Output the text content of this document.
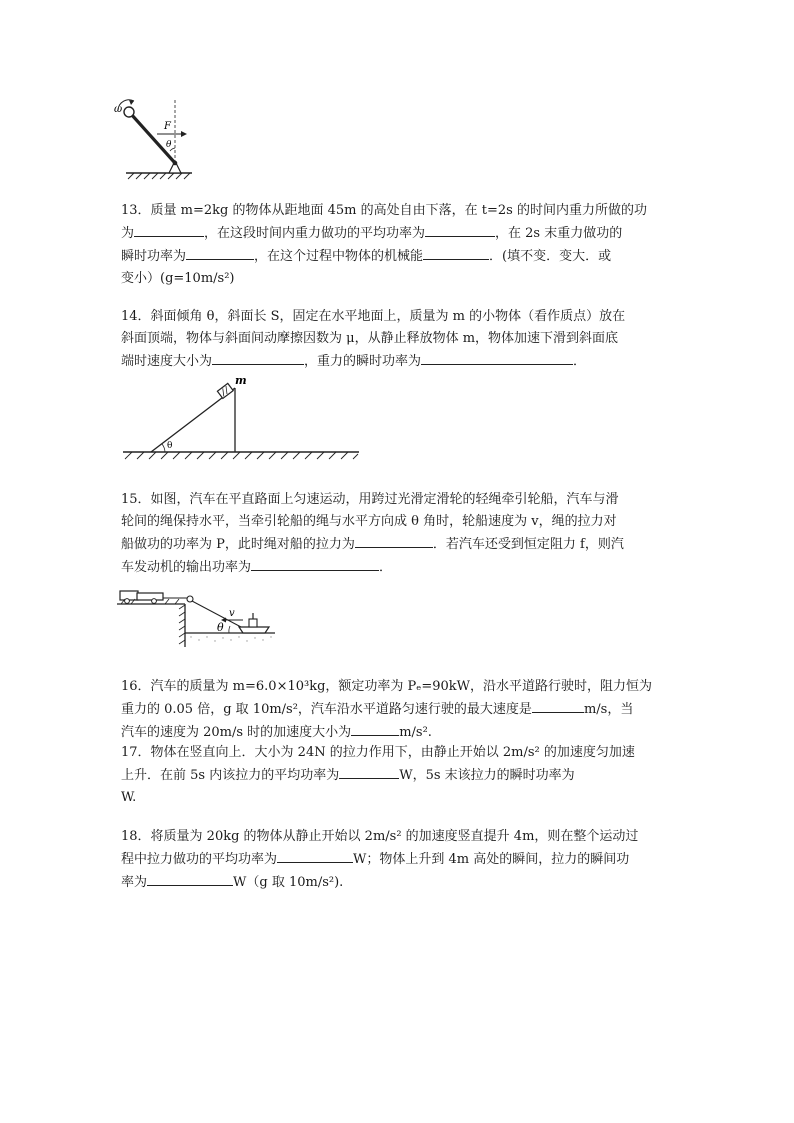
ω
F
θ

13．质量 m=2kg 的物体从距地面 45m 的高处自由下落，在 t=2s 的时间内重力所做的功

为	，在这段时间内重力做功的平均功率为	，在 2s 末重力做功的

瞬时功率为	，在这个过程中物体的机械能	．(填不变．变大．或

变小）(g=10m/s²)

14．斜面倾角 θ，斜面长 S，固定在水平地面上，质量为 m 的小物体（看作质点）放在

斜面顶端，物体与斜面间动摩擦因数为 μ，从静止释放物体 m，物体加速下滑到斜面底

端时速度大小为	，重力的瞬时功率为	．

m
θ

15．如图，汽车在平直路面上匀速运动，用跨过光滑定滑轮的轻绳牵引轮船，汽车与滑

轮间的绳保持水平，当牵引轮船的绳与水平方向成 θ 角时，轮船速度为 v，绳的拉力对

船做功的功率为 P，此时绳对船的拉力为	．若汽车还受到恒定阻力 f，则汽

车发动机的输出功率为	．

v
θ

16．汽车的质量为 m=6.0×10³kg，额定功率为 Pₑ=90kW，沿水平道路行驶时，阻力恒为

重力的 0.05 倍，g 取 10m/s²，汽车沿水平道路匀速行驶的最大速度是	m/s，当

汽车的速度为 20m/s 时的加速度大小为	m/s².

17．物体在竖直向上．大小为 24N 的拉力作用下，由静止开始以 2m/s² 的加速度匀加速

上升．在前 5s 内该拉力的平均功率为	W，5s 末该拉力的瞬时功率为

W.

18．将质量为 20kg 的物体从静止开始以 2m/s² 的加速度竖直提升 4m，则在整个运动过

程中拉力做功的平均功率为	W；物体上升到 4m 高处的瞬间，拉力的瞬间功

率为	W（g 取 10m/s²).
